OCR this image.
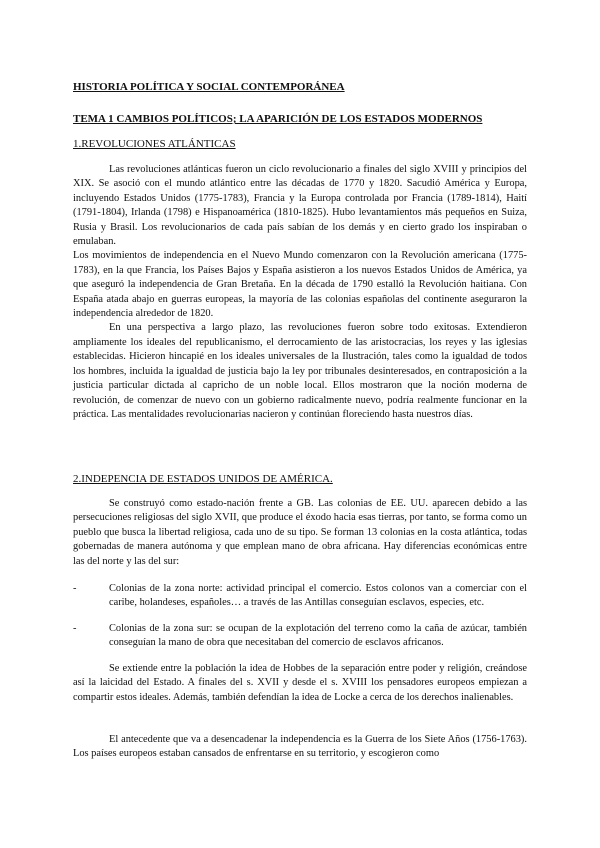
HISTORIA POLÍTICA Y SOCIAL CONTEMPORÁNEA
TEMA 1 CAMBIOS POLÍTICOS; LA APARICIÓN DE LOS ESTADOS MODERNOS
1.REVOLUCIONES ATLÁNTICAS

Las revoluciones atlánticas fueron un ciclo revolucionario a finales del siglo XVIII y principios del XIX. Se asoció con el mundo atlántico entre las décadas de 1770 y 1820. Sacudió América y Europa, incluyendo Estados Unidos (1775-1783), Francia y la Europa controlada por Francia (1789-1814), Haití (1791-1804), Irlanda (1798) e Hispanoamérica (1810-1825). Hubo levantamientos más pequeños en Suiza, Rusia y Brasil. Los revolucionarios de cada país sabían de los demás y en cierto grado los inspiraban o emulaban.

Los movimientos de independencia en el Nuevo Mundo comenzaron con la Revolución americana (1775-1783), en la que Francia, los Países Bajos y España asistieron a los nuevos Estados Unidos de América, ya que aseguró la independencia de Gran Bretaña. En la década de 1790 estalló la Revolución haitiana. Con España atada abajo en guerras europeas, la mayoría de las colonias españolas del continente aseguraron la independencia alrededor de 1820.

En una perspectiva a largo plazo, las revoluciones fueron sobre todo exitosas. Extendieron ampliamente los ideales del republicanismo, el derrocamiento de las aristocracias, los reyes y las iglesias establecidas. Hicieron hincapié en los ideales universales de la Ilustración, tales como la igualdad de todos los hombres, incluida la igualdad de justicia bajo la ley por tribunales desinteresados, en contraposición a la justicia particular dictada al capricho de un noble local. Ellos mostraron que la noción moderna de revolución, de comenzar de nuevo con un gobierno radicalmente nuevo, podría realmente funcionar en la práctica. Las mentalidades revolucionarias nacieron y continúan floreciendo hasta nuestros días.

2.INDEPENCIA DE ESTADOS UNIDOS DE AMÉRICA.
Se construyó como estado-nación frente a GB. Las colonias de EE. UU. aparecen debido a las persecuciones religiosas del siglo XVII, que produce el éxodo hacia esas tierras, por tanto, se forma como un pueblo que busca la libertad religiosa, cada uno de su tipo. Se forman 13 colonias en la costa atlántica, todas gobernadas de manera autónoma y que emplean mano de obra africana. Hay diferencias económicas entre las del norte y las del sur:
-	Colonias de la zona norte: actividad principal el comercio. Estos colonos van a comerciar con el caribe, holandeses, españoles… a través de las Antillas conseguían esclavos, especies, etc.
-	Colonias de la zona sur: se ocupan de la explotación del terreno como la caña de azúcar, también conseguían la mano de obra que necesitaban del comercio de esclavos africanos.
Se extiende entre la población la idea de Hobbes de la separación entre poder y religión, creándose así la laicidad del Estado. A finales del s. XVII y desde el s. XVIII los pensadores europeos empiezan a compartir estos ideales. Además, también defendían la idea de Locke a cerca de los derechos inalienables.
El antecedente que va a desencadenar la independencia es la Guerra de los Siete Años (1756-1763). Los países europeos estaban cansados de enfrentarse en su territorio, y escogieron como
